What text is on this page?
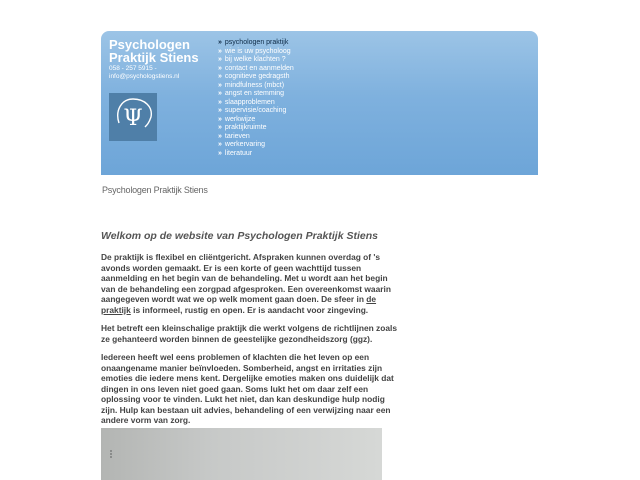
Psychologen
Praktijk Stiens
058 - 257 5915 -
info@psychologstiens.nl
Ψ
» psychologen praktijk
» wie is uw psycholoog
» bij welke klachten ?
» contact en aanmelden
» cognitieve gedragsth
» mindfulness (mbct)
» angst en stemming
» slaapproblemen
» supervisie/coaching
» werkwijze
» praktijkruimte
» tarieven
» werkervaring
» literatuur
Psychologen Praktijk Stiens
Welkom op de website van Psychologen Praktijk Stiens

De praktijk is flexibel en cliëntgericht. Afspraken kunnen overdag of 's avonds worden gemaakt. Er is een korte of geen wachttijd tussen aanmelding en het begin van de behandeling. Met u wordt aan het begin van de behandeling een zorgpad afgesproken. Een overeenkomst waarin aangegeven wordt wat we op welk moment gaan doen. De sfeer in de praktijk is informeel, rustig en open. Er is aandacht voor zingeving.

Het betreft een kleinschalige praktijk die werkt volgens de richtlijnen zoals ze gehanteerd worden binnen de geestelijke gezondheidszorg (ggz).

Iedereen heeft wel eens problemen of klachten die het leven op een onaangename manier beïnvloeden. Somberheid, angst en irritaties zijn emoties die iedere mens kent. Dergelijke emoties maken ons duidelijk dat dingen in ons leven niet goed gaan. Soms lukt het om daar zelf een oplossing voor te vinden. Lukt het niet, dan kan deskundige hulp nodig zijn. Hulp kan bestaan uit advies, behandeling of een verwijzing naar een andere vorm van zorg.
